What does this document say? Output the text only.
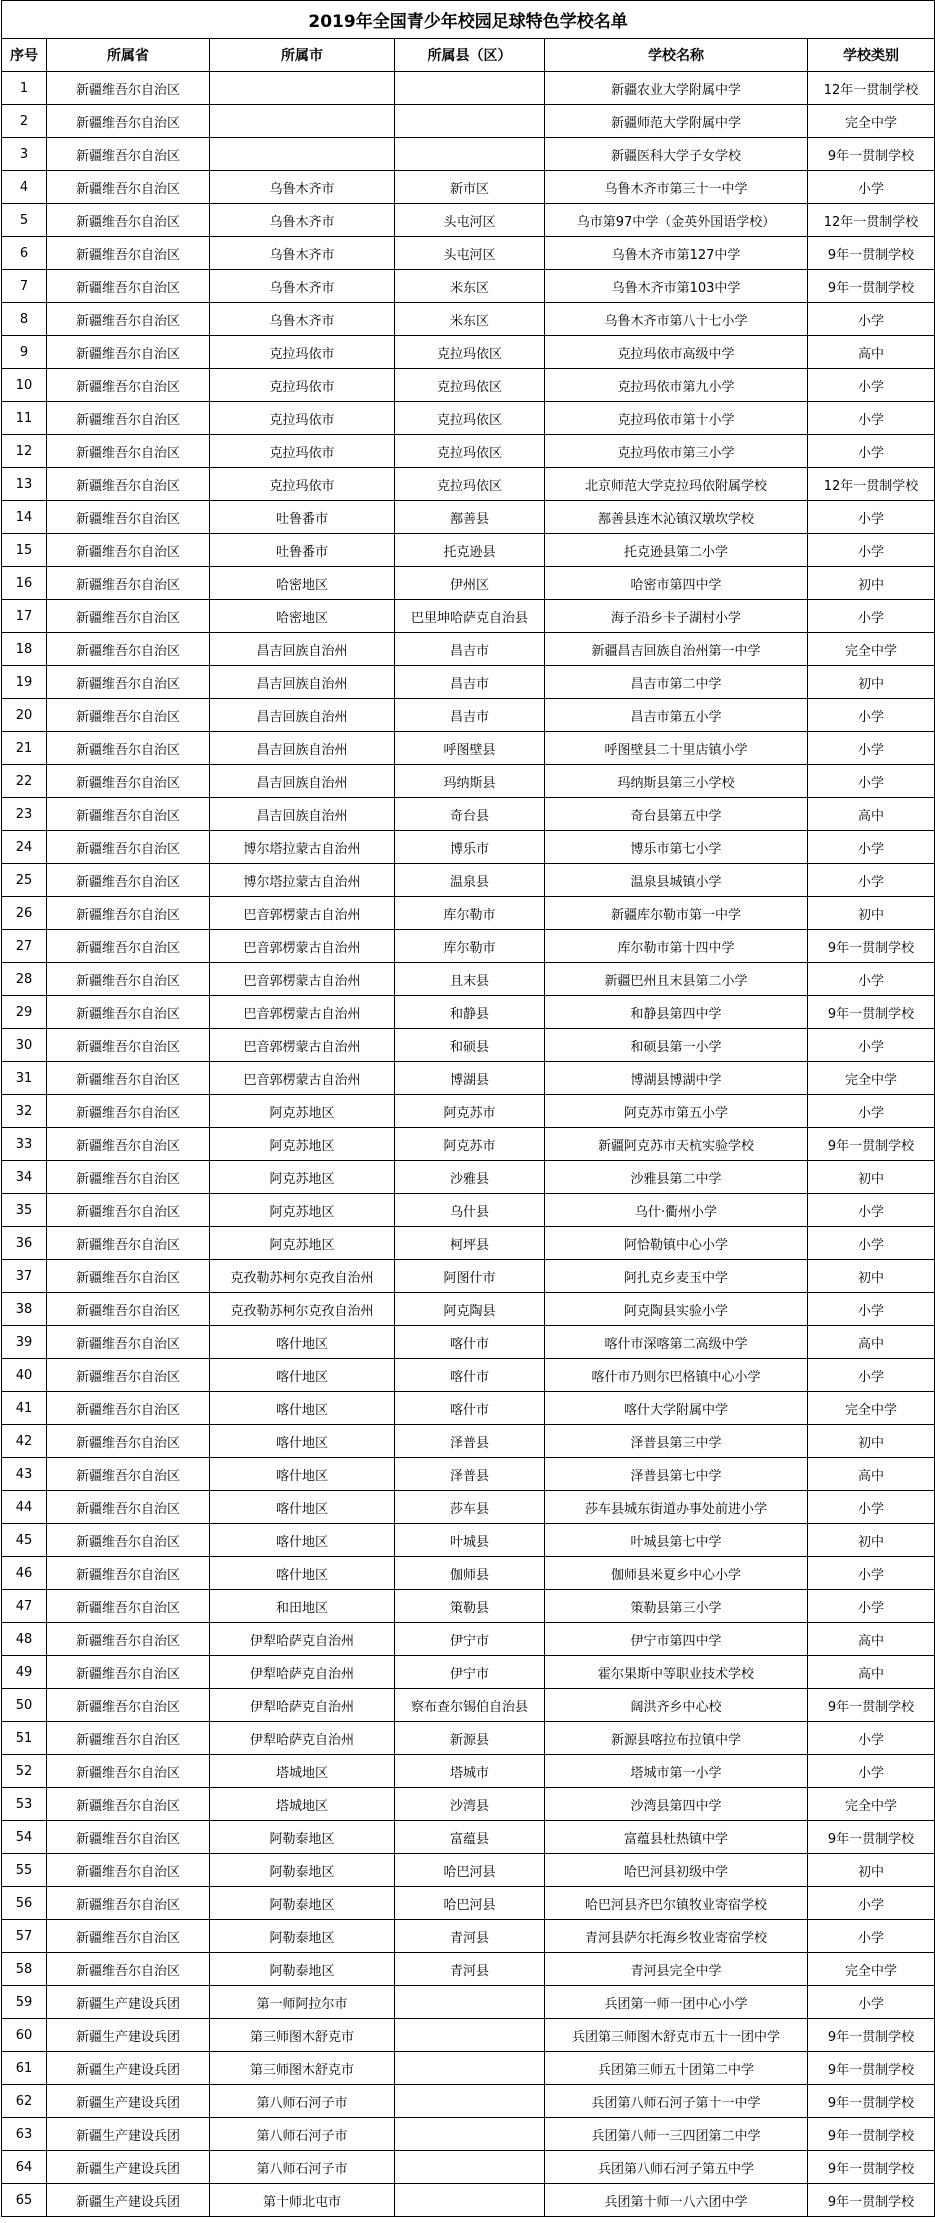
2019年全国青少年校园足球特色学校名单					
序号	所属省	所属市	所属县（区）	学校名称	学校类别
1	新疆维吾尔自治区			新疆农业大学附属中学	12年一贯制学校
2	新疆维吾尔自治区			新疆师范大学附属中学	完全中学
3	新疆维吾尔自治区			新疆医科大学子女学校	9年一贯制学校
4	新疆维吾尔自治区	乌鲁木齐市	新市区	乌鲁木齐市第三十一中学	小学
5	新疆维吾尔自治区	乌鲁木齐市	头屯河区	乌市第97中学（金英外国语学校）	12年一贯制学校
6	新疆维吾尔自治区	乌鲁木齐市	头屯河区	乌鲁木齐市第127中学	9年一贯制学校
7	新疆维吾尔自治区	乌鲁木齐市	米东区	乌鲁木齐市第103中学	9年一贯制学校
8	新疆维吾尔自治区	乌鲁木齐市	米东区	乌鲁木齐市第八十七小学	小学
9	新疆维吾尔自治区	克拉玛依市	克拉玛依区	克拉玛依市高级中学	高中
10	新疆维吾尔自治区	克拉玛依市	克拉玛依区	克拉玛依市第九小学	小学
11	新疆维吾尔自治区	克拉玛依市	克拉玛依区	克拉玛依市第十小学	小学
12	新疆维吾尔自治区	克拉玛依市	克拉玛依区	克拉玛依市第三小学	小学
13	新疆维吾尔自治区	克拉玛依市	克拉玛依区	北京师范大学克拉玛依附属学校	12年一贯制学校
14	新疆维吾尔自治区	吐鲁番市	鄯善县	鄯善县连木沁镇汉墩坎学校	小学
15	新疆维吾尔自治区	吐鲁番市	托克逊县	托克逊县第二小学	小学
16	新疆维吾尔自治区	哈密地区	伊州区	哈密市第四中学	初中
17	新疆维吾尔自治区	哈密地区	巴里坤哈萨克自治县	海子沿乡卡子湖村小学	小学
18	新疆维吾尔自治区	昌吉回族自治州	昌吉市	新疆昌吉回族自治州第一中学	完全中学
19	新疆维吾尔自治区	昌吉回族自治州	昌吉市	昌吉市第二中学	初中
20	新疆维吾尔自治区	昌吉回族自治州	昌吉市	昌吉市第五小学	小学
21	新疆维吾尔自治区	昌吉回族自治州	呼图壁县	呼图壁县二十里店镇小学	小学
22	新疆维吾尔自治区	昌吉回族自治州	玛纳斯县	玛纳斯县第三小学校	小学
23	新疆维吾尔自治区	昌吉回族自治州	奇台县	奇台县第五中学	高中
24	新疆维吾尔自治区	博尔塔拉蒙古自治州	博乐市	博乐市第七小学	小学
25	新疆维吾尔自治区	博尔塔拉蒙古自治州	温泉县	温泉县城镇小学	小学
26	新疆维吾尔自治区	巴音郭楞蒙古自治州	库尔勒市	新疆库尔勒市第一中学	初中
27	新疆维吾尔自治区	巴音郭楞蒙古自治州	库尔勒市	库尔勒市第十四中学	9年一贯制学校
28	新疆维吾尔自治区	巴音郭楞蒙古自治州	且末县	新疆巴州且末县第二小学	小学
29	新疆维吾尔自治区	巴音郭楞蒙古自治州	和静县	和静县第四中学	9年一贯制学校
30	新疆维吾尔自治区	巴音郭楞蒙古自治州	和硕县	和硕县第一小学	小学
31	新疆维吾尔自治区	巴音郭楞蒙古自治州	博湖县	博湖县博湖中学	完全中学
32	新疆维吾尔自治区	阿克苏地区	阿克苏市	阿克苏市第五小学	小学
33	新疆维吾尔自治区	阿克苏地区	阿克苏市	新疆阿克苏市天杭实验学校	9年一贯制学校
34	新疆维吾尔自治区	阿克苏地区	沙雅县	沙雅县第二中学	初中
35	新疆维吾尔自治区	阿克苏地区	乌什县	乌什·衢州小学	小学
36	新疆维吾尔自治区	阿克苏地区	柯坪县	阿恰勒镇中心小学	小学
37	新疆维吾尔自治区	克孜勒苏柯尔克孜自治州	阿图什市	阿扎克乡麦玉中学	初中
38	新疆维吾尔自治区	克孜勒苏柯尔克孜自治州	阿克陶县	阿克陶县实验小学	小学
39	新疆维吾尔自治区	喀什地区	喀什市	喀什市深喀第二高级中学	高中
40	新疆维吾尔自治区	喀什地区	喀什市	喀什市乃则尔巴格镇中心小学	小学
41	新疆维吾尔自治区	喀什地区	喀什市	喀什大学附属中学	完全中学
42	新疆维吾尔自治区	喀什地区	泽普县	泽普县第三中学	初中
43	新疆维吾尔自治区	喀什地区	泽普县	泽普县第七中学	高中
44	新疆维吾尔自治区	喀什地区	莎车县	莎车县城东街道办事处前进小学	小学
45	新疆维吾尔自治区	喀什地区	叶城县	叶城县第七中学	初中
46	新疆维吾尔自治区	喀什地区	伽师县	伽师县米夏乡中心小学	小学
47	新疆维吾尔自治区	和田地区	策勒县	策勒县第三小学	小学
48	新疆维吾尔自治区	伊犁哈萨克自治州	伊宁市	伊宁市第四中学	高中
49	新疆维吾尔自治区	伊犁哈萨克自治州	伊宁市	霍尔果斯中等职业技术学校	高中
50	新疆维吾尔自治区	伊犁哈萨克自治州	察布查尔锡伯自治县	阔洪齐乡中心校	9年一贯制学校
51	新疆维吾尔自治区	伊犁哈萨克自治州	新源县	新源县喀拉布拉镇中学	小学
52	新疆维吾尔自治区	塔城地区	塔城市	塔城市第一小学	小学
53	新疆维吾尔自治区	塔城地区	沙湾县	沙湾县第四中学	完全中学
54	新疆维吾尔自治区	阿勒泰地区	富蕴县	富蕴县杜热镇中学	9年一贯制学校
55	新疆维吾尔自治区	阿勒泰地区	哈巴河县	哈巴河县初级中学	初中
56	新疆维吾尔自治区	阿勒泰地区	哈巴河县	哈巴河县齐巴尔镇牧业寄宿学校	小学
57	新疆维吾尔自治区	阿勒泰地区	青河县	青河县萨尔托海乡牧业寄宿学校	小学
58	新疆维吾尔自治区	阿勒泰地区	青河县	青河县完全中学	完全中学
59	新疆生产建设兵团	第一师阿拉尔市		兵团第一师一团中心小学	小学
60	新疆生产建设兵团	第三师图木舒克市		兵团第三师图木舒克市五十一团中学	9年一贯制学校
61	新疆生产建设兵团	第三师图木舒克市		兵团第三师五十团第二中学	9年一贯制学校
62	新疆生产建设兵团	第八师石河子市		兵团第八师石河子第十一中学	9年一贯制学校
63	新疆生产建设兵团	第八师石河子市		兵团第八师一三四团第二中学	9年一贯制学校
64	新疆生产建设兵团	第八师石河子市		兵团第八师石河子第五中学	9年一贯制学校
65	新疆生产建设兵团	第十师北屯市		兵团第十师一八六团中学	9年一贯制学校
